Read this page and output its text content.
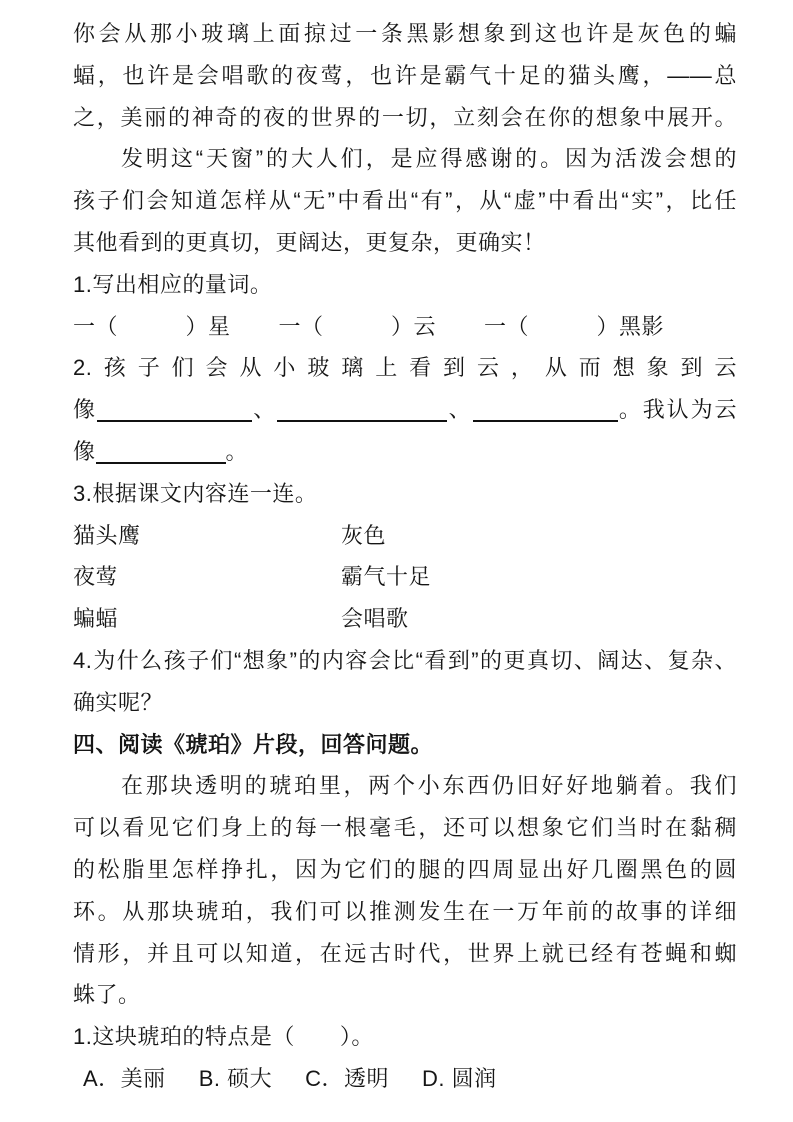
你会从那小玻璃上面掠过一条黑影想象到这也许是灰色的蝙
蝠，也许是会唱歌的夜莺，也许是霸气十足的猫头鹰，——总
之，美丽的神奇的夜的世界的一切，立刻会在你的想象中展开。
发明这“天窗”的大人们，是应得感谢的。因为活泼会想的
孩子们会知道怎样从“无”中看出“有”，从“虚”中看出“实”，比任
其他看到的更真切，更阔达，更复杂，更确实！
1.写出相应的量词。
一（　　　）星 一（　　　）云 一（　　　）黑影
2.孩子们会从小玻璃上看到云，从而想象到云
像	、	、	。我认为云
像	。
3.根据课文内容连一连。
猫头鹰	灰色
夜莺	霸气十足
蝙蝠	会唱歌
4.为什么孩子们“想象”的内容会比“看到”的更真切、阔达、复杂、
确实呢？
四、阅读《琥珀》片段，回答问题。
在那块透明的琥珀里，两个小东西仍旧好好地躺着。我们
可以看见它们身上的每一根毫毛，还可以想象它们当时在黏稠
的松脂里怎样挣扎，因为它们的腿的四周显出好几圈黑色的圆
环。从那块琥珀，我们可以推测发生在一万年前的故事的详细
情形，并且可以知道，在远古时代，世界上就已经有苍蝇和蜘
蛛了。
1.这块琥珀的特点是（　　）。
A．美丽 B. 硕大 C．透明 D. 圆润
